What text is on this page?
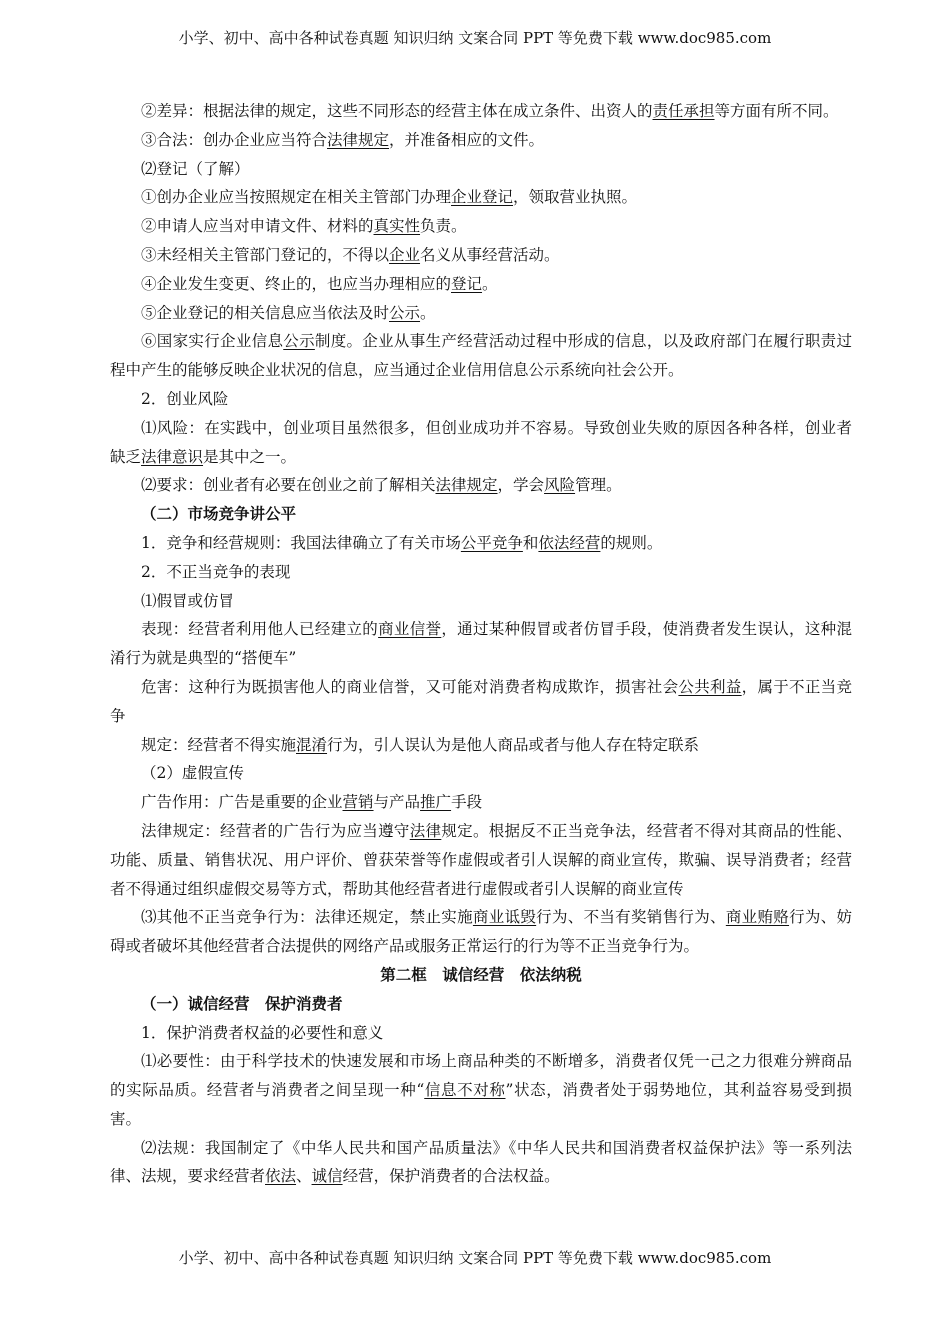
小学、初中、高中各种试卷真题 知识归纳 文案合同 PPT 等免费下载 www.doc985.com

②差异：根据法律的规定，这些不同形态的经营主体在成立条件、出资人的责任承担等方面有所不同。

③合法：创办企业应当符合法律规定，并准备相应的文件。

⑵登记（了解）

①创办企业应当按照规定在相关主管部门办理企业登记，领取营业执照。

②申请人应当对申请文件、材料的真实性负责。

③未经相关主管部门登记的，不得以企业名义从事经营活动。

④企业发生变更、终止的，也应当办理相应的登记。

⑤企业登记的相关信息应当依法及时公示。

⑥国家实行企业信息公示制度。企业从事生产经营活动过程中形成的信息，以及政府部门在履行职责过程中产生的能够反映企业状况的信息，应当通过企业信用信息公示系统向社会公开。

2．创业风险

⑴风险：在实践中，创业项目虽然很多，但创业成功并不容易。导致创业失败的原因各种各样，创业者缺乏法律意识是其中之一。

⑵要求：创业者有必要在创业之前了解相关法律规定，学会风险管理。

（二）市场竞争讲公平

1．竞争和经营规则：我国法律确立了有关市场公平竞争和依法经营的规则。

2．不正当竞争的表现

⑴假冒或仿冒

表现：经营者利用他人已经建立的商业信誉，通过某种假冒或者仿冒手段，使消费者发生误认，这种混淆行为就是典型的“搭便车”

危害：这种行为既损害他人的商业信誉，又可能对消费者构成欺诈，损害社会公共利益，属于不正当竞争

规定：经营者不得实施混淆行为，引人误认为是他人商品或者与他人存在特定联系

（2）虚假宣传

广告作用：广告是重要的企业营销与产品推广手段

法律规定：经营者的广告行为应当遵守法律规定。根据反不正当竞争法，经营者不得对其商品的性能、功能、质量、销售状况、用户评价、曾获荣誉等作虚假或者引人误解的商业宣传，欺骗、误导消费者；经营者不得通过组织虚假交易等方式，帮助其他经营者进行虚假或者引人误解的商业宣传

⑶其他不正当竞争行为：法律还规定，禁止实施商业诋毁行为、不当有奖销售行为、商业贿赂行为、妨碍或者破坏其他经营者合法提供的网络产品或服务正常运行的行为等不正当竞争行为。

第二框　诚信经营　依法纳税

（一）诚信经营　保护消费者

1．保护消费者权益的必要性和意义

⑴必要性：由于科学技术的快速发展和市场上商品种类的不断增多，消费者仅凭一己之力很难分辨商品的实际品质。经营者与消费者之间呈现一种“信息不对称”状态，消费者处于弱势地位，其利益容易受到损害。

⑵法规：我国制定了《中华人民共和国产品质量法》《中华人民共和国消费者权益保护法》等一系列法律、法规，要求经营者依法、诚信经营，保护消费者的合法权益。

小学、初中、高中各种试卷真题 知识归纳 文案合同 PPT 等免费下载 www.doc985.com
